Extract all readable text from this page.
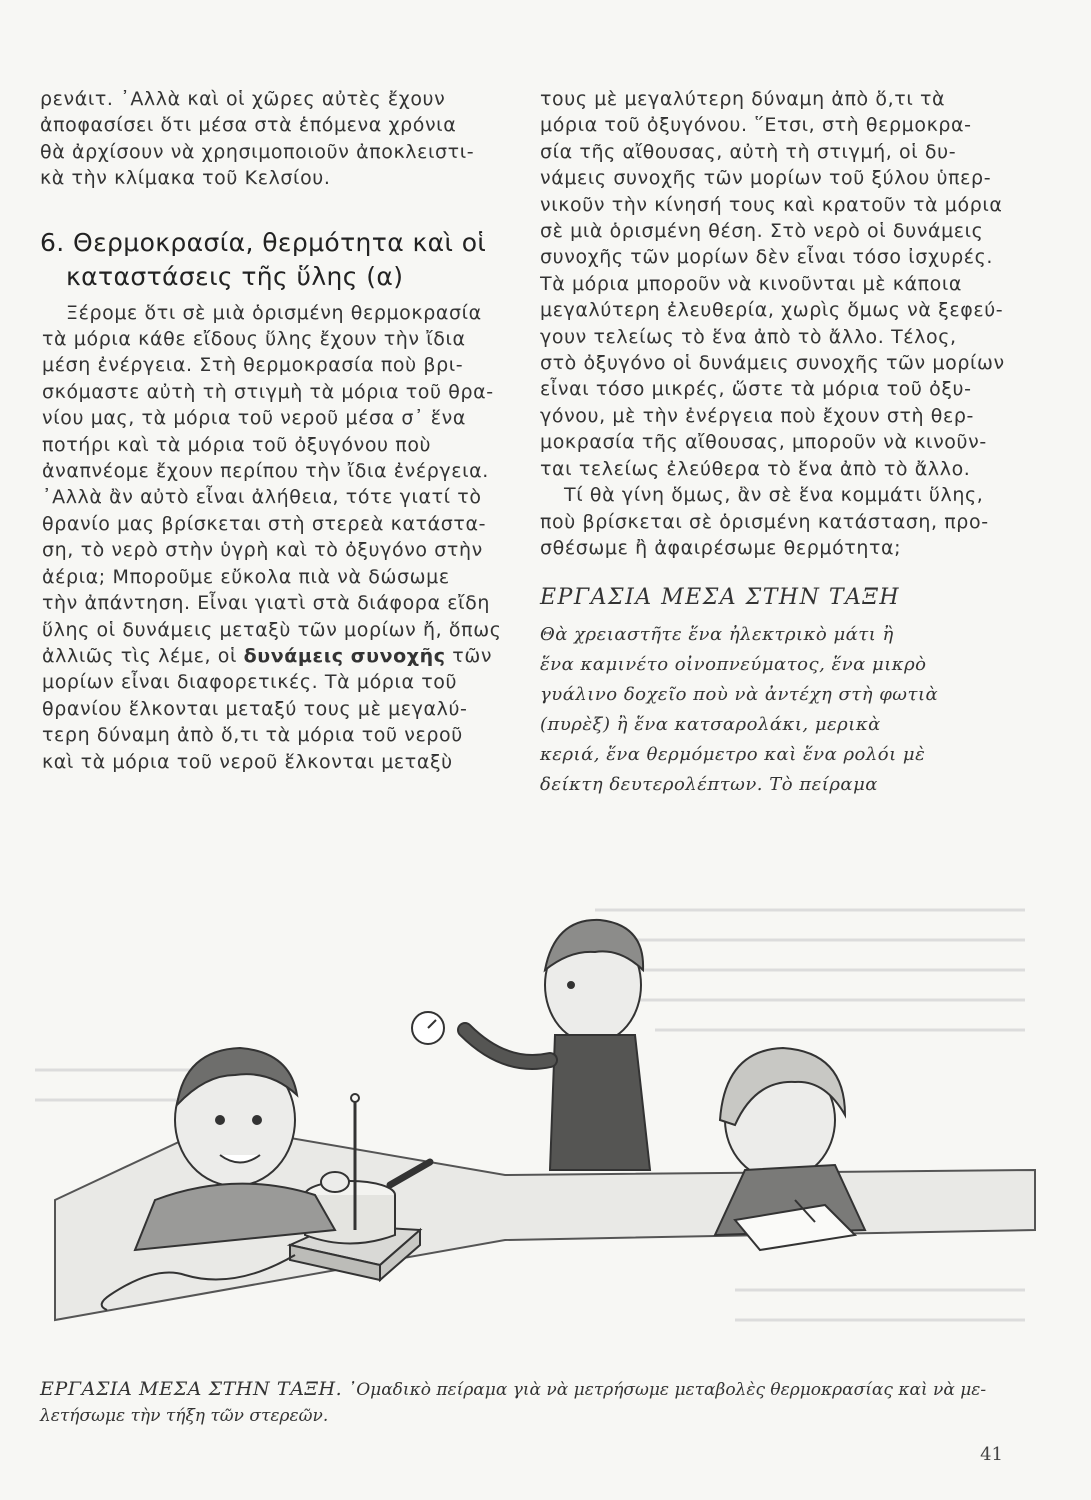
ρενάιτ. ᾿Αλλὰ καὶ οἱ χῶρες αὐτὲς ἔχουν
ἀποφασίσει ὅτι μέσα στὰ ἑπόμενα χρόνια
θὰ ἀρχίσουν νὰ χρησιμοποιοῦν ἀποκλειστι-
κὰ τὴν κλίμακα τοῦ Κελσίου.
6. Θερμοκρασία, θερμότητα καὶ οἱ
καταστάσεις τῆς ὕλης (α)
Ξέρομε ὅτι σὲ μιὰ ὁρισμένη θερμοκρασία
τὰ μόρια κάθε εἴδους ὕλης ἔχουν τὴν ἴδια
μέση ἐνέργεια. Στὴ θερμοκρασία ποὺ βρι-
σκόμαστε αὐτὴ τὴ στιγμὴ τὰ μόρια τοῦ θρα-
νίου μας, τὰ μόρια τοῦ νεροῦ μέσα σ᾿ ἕνα
ποτήρι καὶ τὰ μόρια τοῦ ὀξυγόνου ποὺ
ἀναπνέομε ἔχουν περίπου τὴν ἴδια ἐνέργεια.
᾿Αλλὰ ἂν αὐτὸ εἶναι ἀλήθεια, τότε γιατί τὸ
θρανίο μας βρίσκεται στὴ στερεὰ κατάστα-
ση, τὸ νερὸ στὴν ὑγρὴ καὶ τὸ ὀξυγόνο στὴν
ἀέρια; Μποροῦμε εὔκολα πιὰ νὰ δώσωμε
τὴν ἀπάντηση. Εἶναι γιατὶ στὰ διάφορα εἴδη
ὕλης οἱ δυνάμεις μεταξὺ τῶν μορίων ἤ, ὅπως
ἀλλιῶς τὶς λέμε, οἱ δυνάμεις συνοχῆς τῶν
μορίων εἶναι διαφορετικές. Τὰ μόρια τοῦ
θρανίου ἕλκονται μεταξύ τους μὲ μεγαλύ-
τερη δύναμη ἀπὸ ὅ,τι τὰ μόρια τοῦ νεροῦ
καὶ τὰ μόρια τοῦ νεροῦ ἕλκονται μεταξὺ
τους μὲ μεγαλύτερη δύναμη ἀπὸ ὅ,τι τὰ
μόρια τοῦ ὀξυγόνου. ῞Ετσι, στὴ θερμοκρα-
σία τῆς αἴθουσας, αὐτὴ τὴ στιγμή, οἱ δυ-
νάμεις συνοχῆς τῶν μορίων τοῦ ξύλου ὑπερ-
νικοῦν τὴν κίνησή τους καὶ κρατοῦν τὰ μόρια
σὲ μιὰ ὁρισμένη θέση. Στὸ νερὸ οἱ δυνάμεις
συνοχῆς τῶν μορίων δὲν εἶναι τόσο ἰσχυρές.
Τὰ μόρια μποροῦν νὰ κινοῦνται μὲ κάποια
μεγαλύτερη ἐλευθερία, χωρὶς ὅμως νὰ ξεφεύ-
γουν τελείως τὸ ἕνα ἀπὸ τὸ ἄλλο. Τέλος,
στὸ ὀξυγόνο οἱ δυνάμεις συνοχῆς τῶν μορίων
εἶναι τόσο μικρές, ὥστε τὰ μόρια τοῦ ὀξυ-
γόνου, μὲ τὴν ἐνέργεια ποὺ ἔχουν στὴ θερ-
μοκρασία τῆς αἴθουσας, μποροῦν νὰ κινοῦν-
ται τελείως ἐλεύθερα τὸ ἕνα ἀπὸ τὸ ἄλλο.
Τί θὰ γίνη ὅμως, ἂν σὲ ἕνα κομμάτι ὕλης,
ποὺ βρίσκεται σὲ ὁρισμένη κατάσταση, προ-
σθέσωμε ἢ ἀφαιρέσωμε θερμότητα;
ΕΡΓΑΣΙΑ ΜΕΣΑ ΣΤΗΝ ΤΑΞΗ
Θὰ χρειαστῆτε ἕνα ἠλεκτρικὸ μάτι ἢ
ἕνα καμινέτο οἰνοπνεύματος, ἕνα μικρὸ
γυάλινο δοχεῖο ποὺ νὰ ἀντέχη στὴ φωτιὰ
(πυρὲξ) ἢ ἕνα κατσαρολάκι, μερικὰ
κεριά, ἕνα θερμόμετρο καὶ ἕνα ρολόι μὲ
δείκτη δευτερολέπτων. Τὸ πείραμα
ΕΡΓΑΣΙΑ ΜΕΣΑ ΣΤΗΝ ΤΑΞΗ. ᾿Ομαδικὸ πείραμα γιὰ νὰ μετρήσωμε μεταβολὲς θερμοκρασίας καὶ νὰ με-
λετήσωμε τὴν τήξη τῶν στερεῶν.
41
